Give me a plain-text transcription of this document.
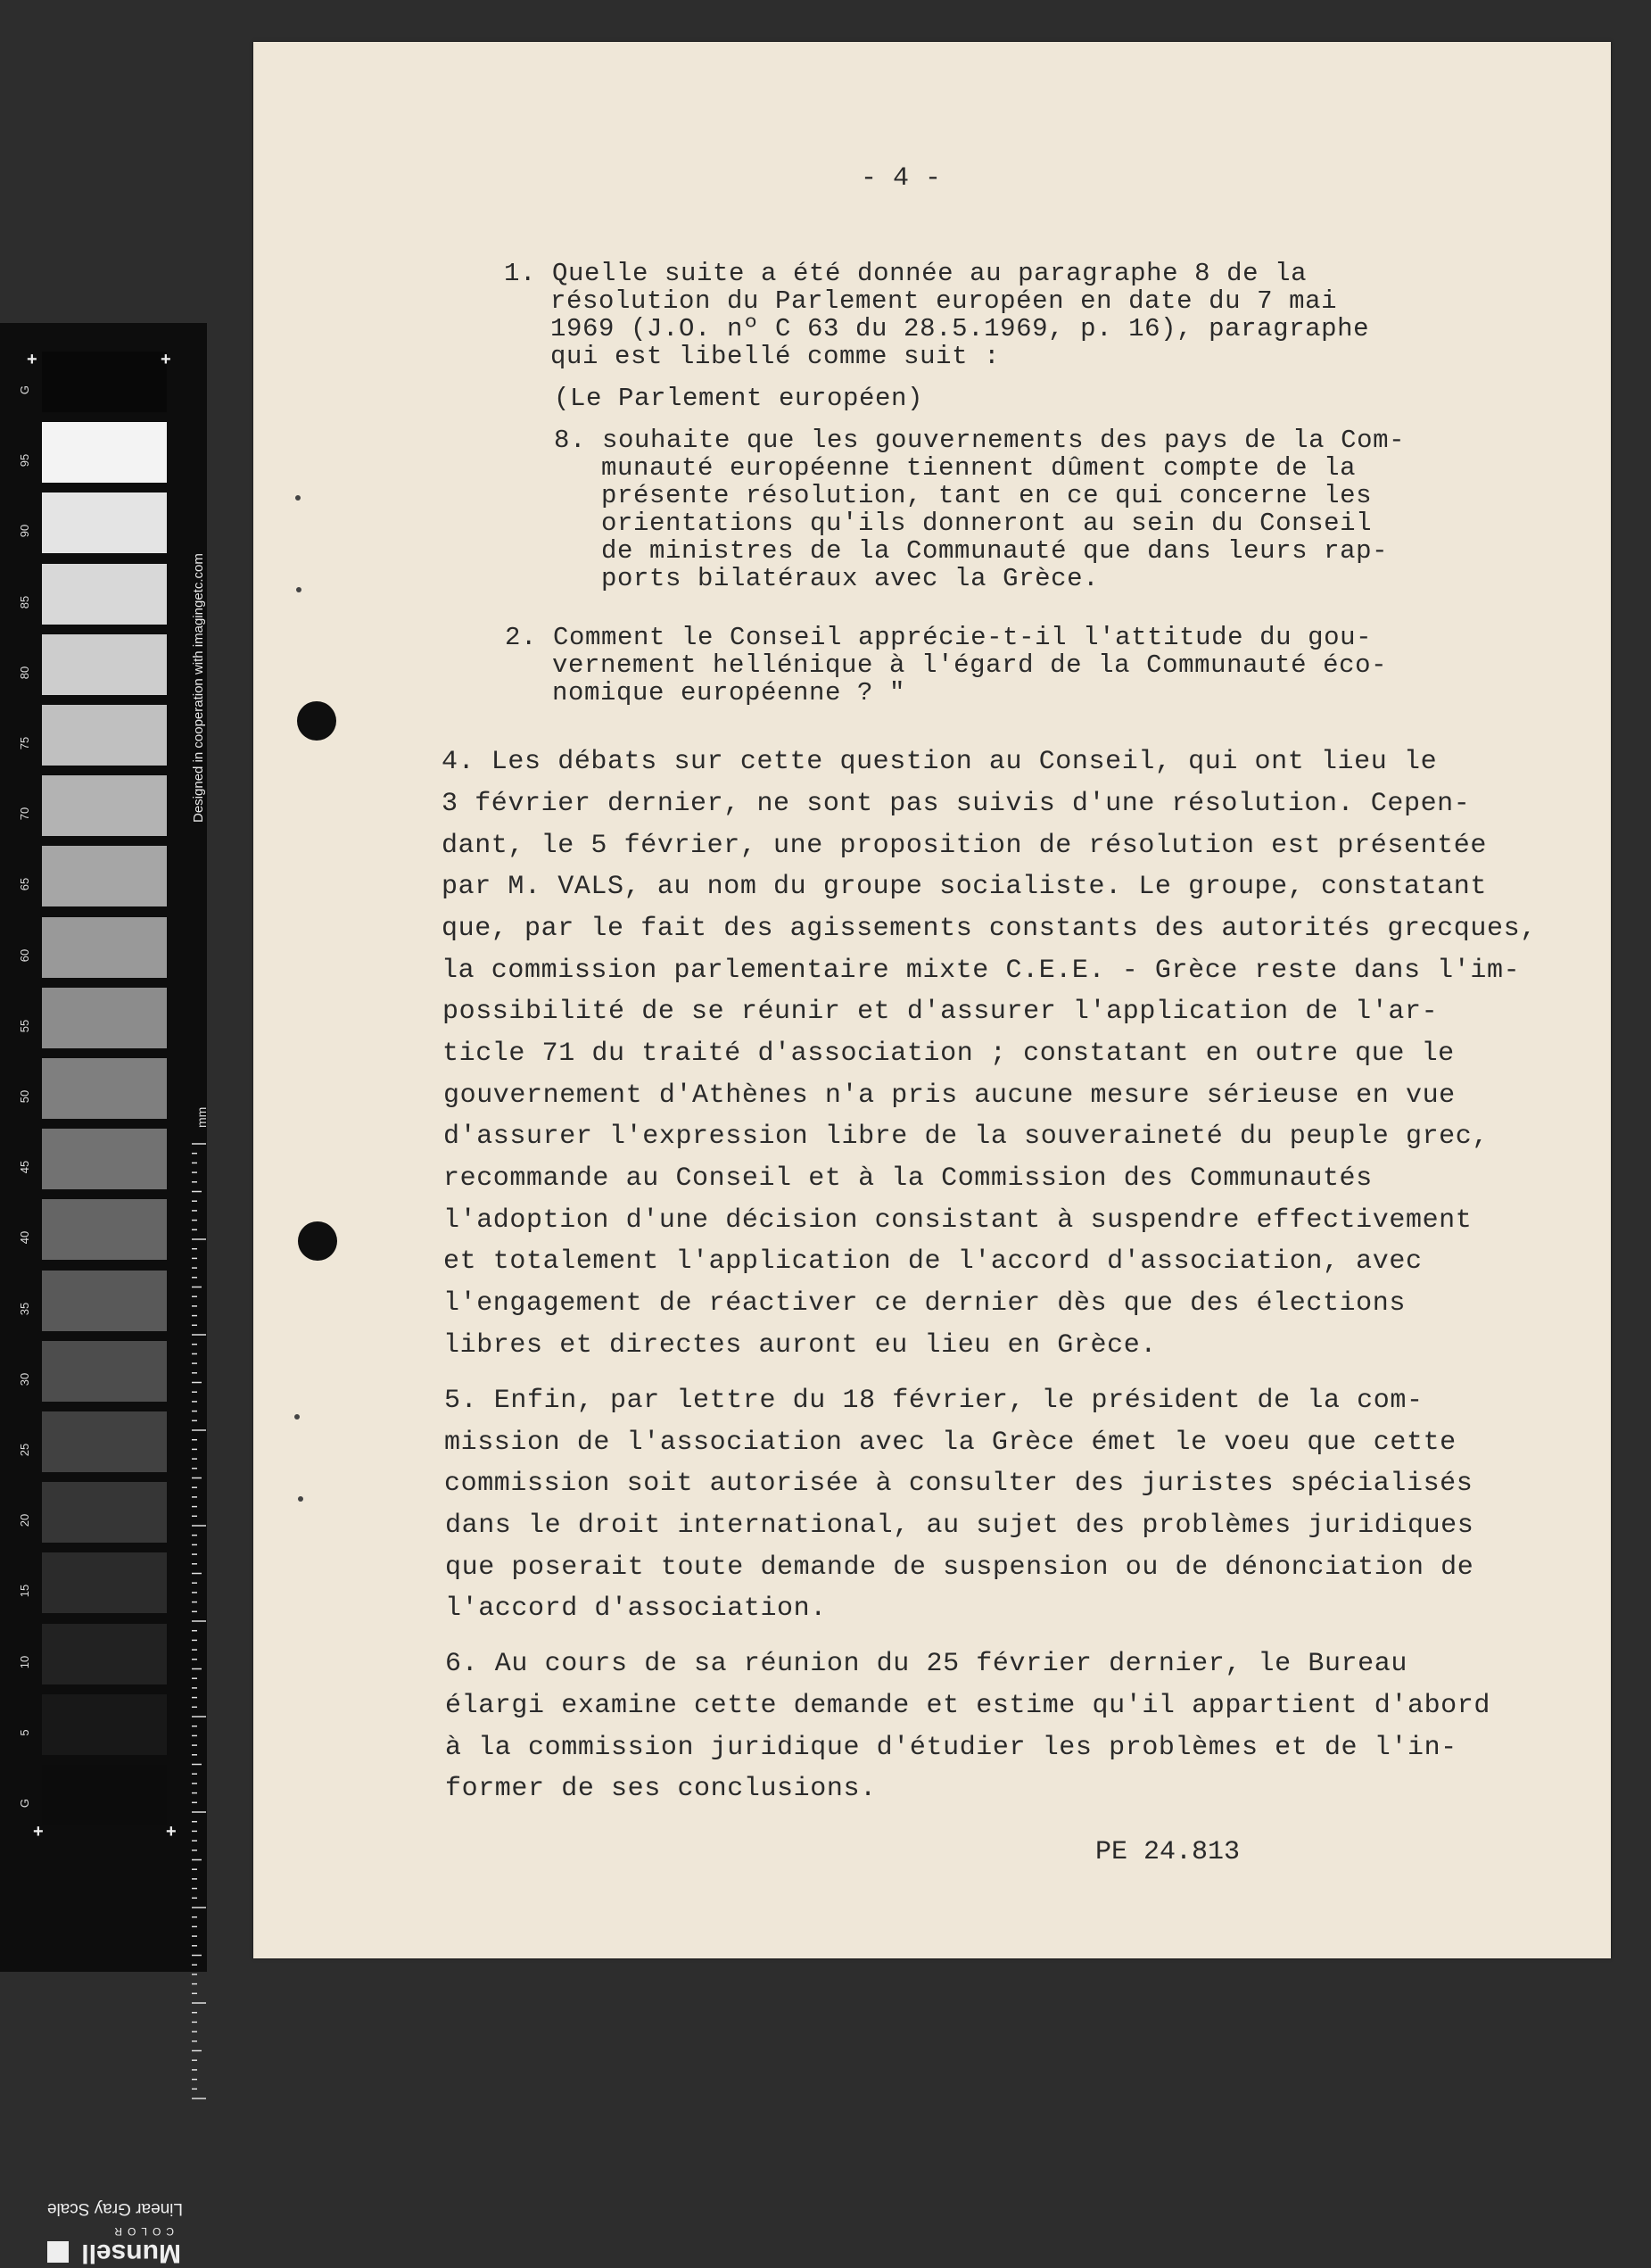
G
95
90
85
80
75
70
65
60
55
50
45
40
35
30
25
20
15
10
5
G
+	+
+	+
Designed in cooperation with imagingetc.com
mm
Munsell
COLOR
Linear Gray Scale
- 4 -
1. Quelle suite a été donnée au paragraphe 8 de la
résolution du Parlement européen en date du 7 mai
1969 (J.O. nº C 63 du 28.5.1969, p. 16), paragraphe
qui est libellé comme suit :
(Le Parlement européen)
8. souhaite que les gouvernements des pays de la Com-
munauté européenne tiennent dûment compte de la
présente résolution, tant en ce qui concerne les
orientations qu'ils donneront au sein du Conseil
de ministres de la Communauté que dans leurs rap-
ports bilatéraux avec la Grèce.
2. Comment le Conseil apprécie-t-il l'attitude du gou-
vernement hellénique à l'égard de la Communauté éco-
nomique européenne ? "
4. Les débats sur cette question au Conseil, qui ont lieu le
3 février dernier, ne sont pas suivis d'une résolution. Cepen-
dant, le 5 février, une proposition de résolution est présentée
par M. VALS, au nom du groupe socialiste. Le groupe, constatant
que, par le fait des agissements constants des autorités grecques,
la commission parlementaire mixte C.E.E. - Grèce reste dans l'im-
possibilité de se réunir et d'assurer l'application de l'ar-
ticle 71 du traité d'association ; constatant en outre que le
gouvernement d'Athènes n'a pris aucune mesure sérieuse en vue
d'assurer l'expression libre de la souveraineté du peuple grec,
recommande au Conseil et à la Commission des Communautés
l'adoption d'une décision consistant à suspendre effectivement
et totalement l'application de l'accord d'association, avec
l'engagement de réactiver ce dernier dès que des élections
libres et directes auront eu lieu en Grèce.
5. Enfin, par lettre du 18 février, le président de la com-
mission de l'association avec la Grèce émet le voeu que cette
commission soit autorisée à consulter des juristes spécialisés
dans le droit international, au sujet des problèmes juridiques
que poserait toute demande de suspension ou de dénonciation de
l'accord d'association.
6. Au cours de sa réunion du 25 février dernier, le Bureau
élargi examine cette demande et estime qu'il appartient d'abord
à la commission juridique d'étudier les problèmes et de l'in-
former de ses conclusions.
PE 24.813
